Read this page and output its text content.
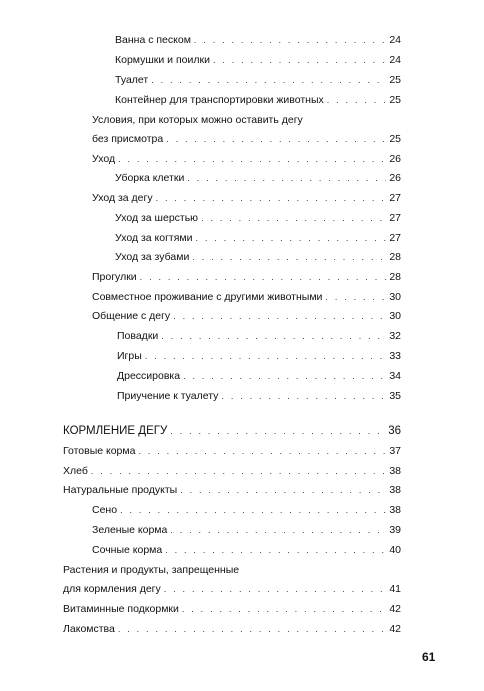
Ванна с песком . . .	24
Кормушки и поилки . . .	24
Туалет . . .	25
Контейнер для транспортировки животных . . .	25
Условия, при которых можно оставить дегу
без присмотра . . .	25
Уход . . .	26
Уборка клетки . . .	26
Уход за дегу . . .	27
Уход за шерстью . . .	27
Уход за когтями . . .	27
Уход за зубами . . .	28
Прогулки . . .	28
Совместное проживание с другими животными . . .	30
Общение с дегу . . .	30
Повадки . . .	32
Игры . . .	33
Дрессировка . . .	34
Приучение к туалету . . .	35
КОРМЛЕНИЕ ДЕГУ . . .	36
Готовые корма . . .	37
Хлеб . . .	38
Натуральные продукты . . .	38
Сено . . .	38
Зеленые корма . . .	39
Сочные корма . . .	40
Растения и продукты, запрещенные
для кормления дегу . . .	41
Витаминные подкормки . . .	42
Лакомства . . .	42
61
